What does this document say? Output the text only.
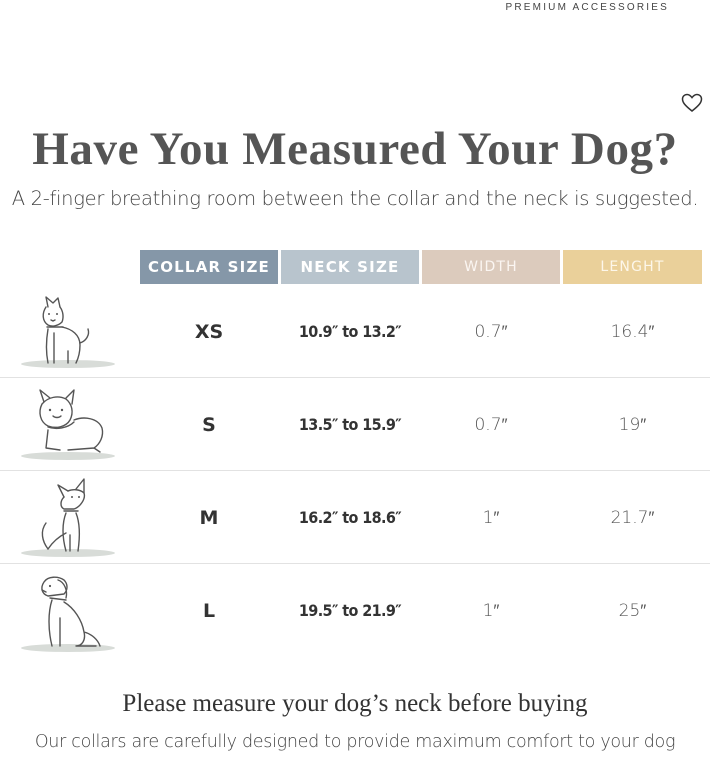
PREMIUM ACCESSORIES
Have You Measured Your Dog?

A 2-finger breathing room between the collar and the neck is suggested.

COLLAR SIZE	NECK SIZE	WIDTH	LENGHT
XS	10.9″ to 13.2″	0.7″	16.4″
S	13.5″ to 15.9″	0.7″	19″
M	16.2″ to 18.6″	1″	21.7″
L	19.5″ to 21.9″	1″	25″
Please measure your dog’s neck before buying
Our collars are carefully designed to provide maximum comfort to your dog
